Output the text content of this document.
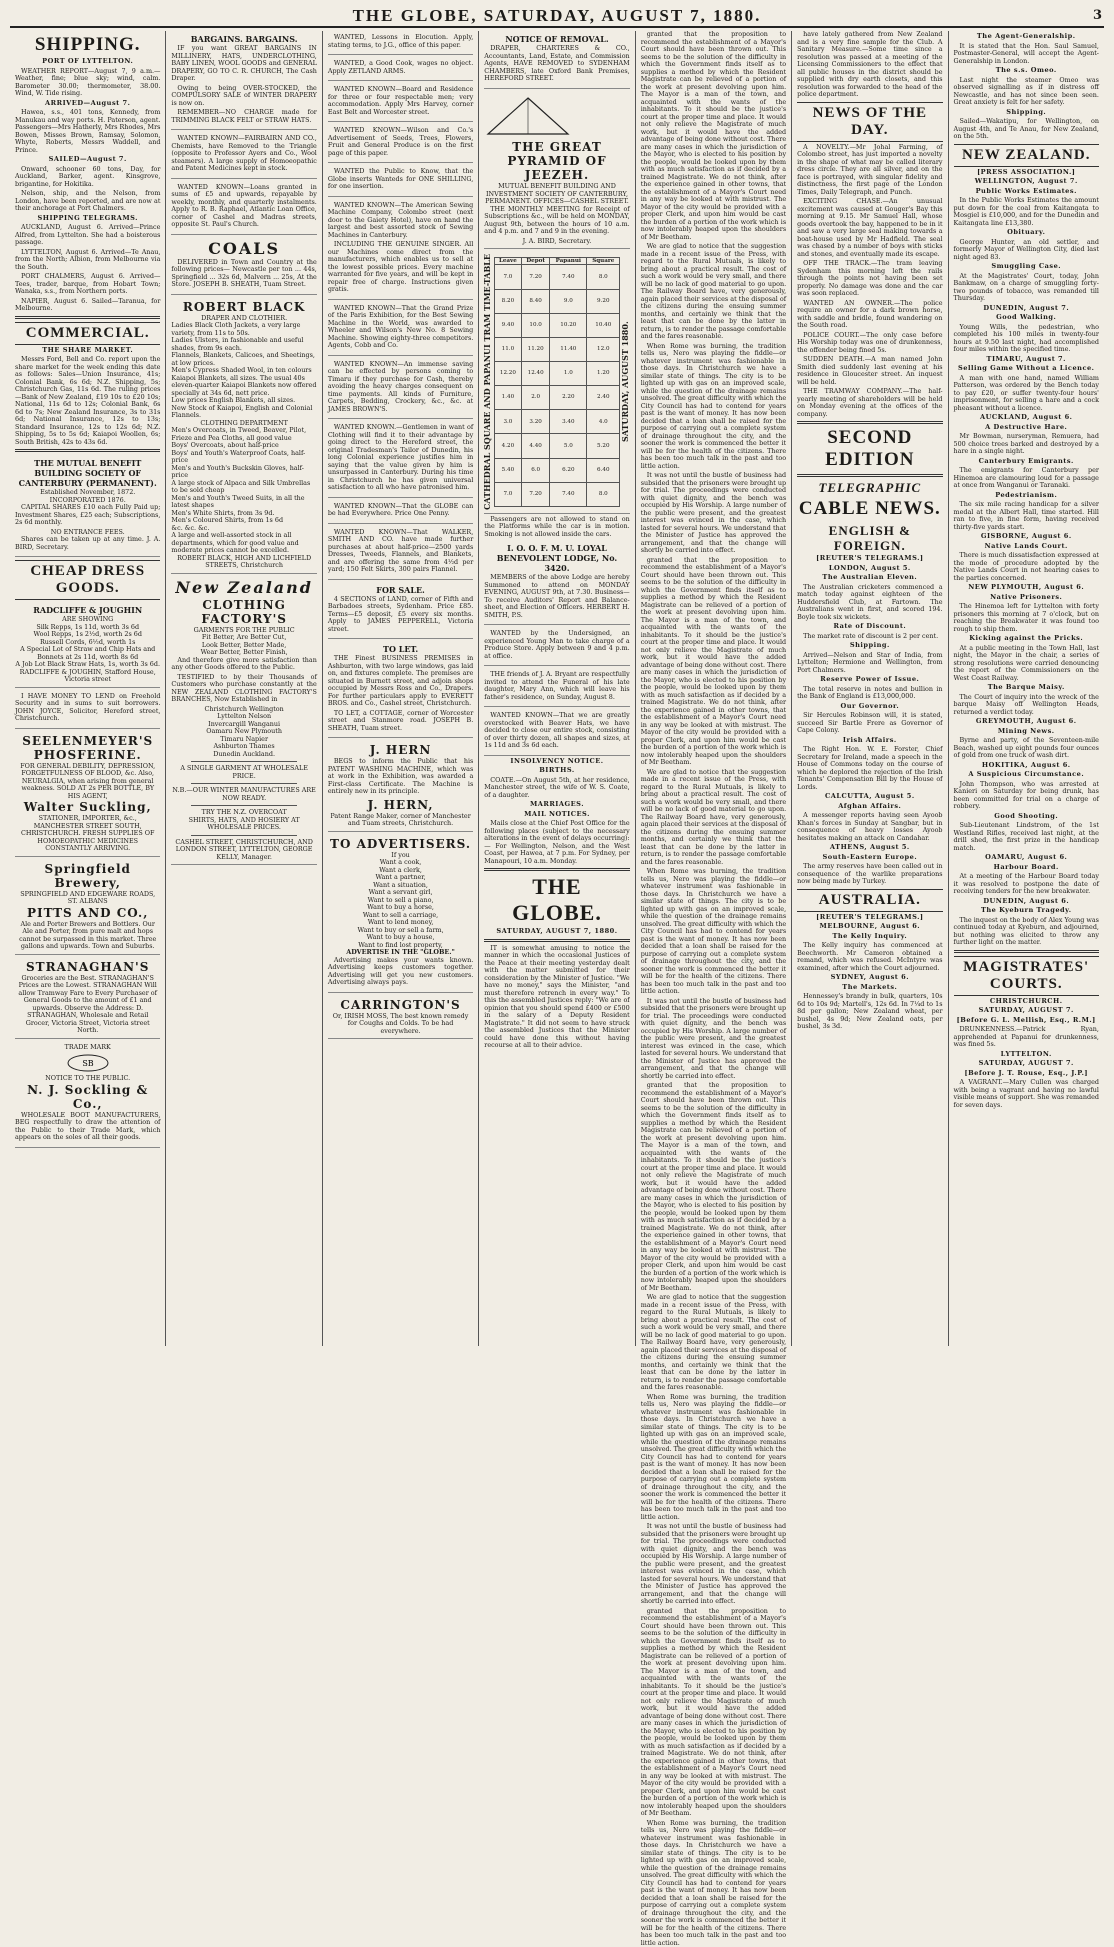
THE GLOBE, SATURDAY, AUGUST 7, 1880.	3
SHIPPING.
PORT OF LYTTELTON.
WEATHER REPORT—August 7, 9 a.m.—Weather, fine; blue sky; wind, calm. Barometer 30.00; thermometer, 38.00. Wind, W. Tide rising.
ARRIVED—August 7.
Hawea, s.s., 401 tons, Kennedy, from Manukau and way ports. H. Paterson, agent. Passengers—Mrs Hatherly, Mrs Rhodes, Mrs Bowen, Misses Brown, Ramsay, Solomon, Whyte, Roberts, Messrs Waddell, and Prince.
SAILED—August 7.
Onward, schooner 60 tons, Day, for Auckland, Barker, agent. Kinsgrove, brigantine, for Hokitika.
Nelson, ship, and the Nelson, from London, have been reported, and are now at their anchorage at Port Chalmers.
SHIPPING TELEGRAMS.
AUCKLAND, August 6. Arrived—Prince Alfred, from Lyttelton. She had a boisterous passage.
LYTTELTON, August 6. Arrived—Te Anau, from the North; Albion, from Melbourne via the South.
PORT CHALMERS, August 6. Arrived—Tees, trader, barque, from Hobart Town; Wanaka, s.s., from Northern ports.
NAPIER, August 6. Sailed—Taranua, for Melbourne.
COMMERCIAL.
THE SHARE MARKET.
Messrs Ford, Bell and Co. report upon the share market for the week ending this date as follows: Sales—Union Insurance, 41s; Colonial Bank, 6s 6d; N.Z. Shipping, 5s; Christchurch Gas, 11s 6d. The ruling prices—Bank of New Zealand, £19 10s to £20 10s; National, 11s 6d to 12s; Colonial Bank, 6s 6d to 7s; New Zealand Insurance, 3s to 31s 6d; National Insurance, 12s to 13s; Standard Insurance, 12s to 12s 6d; N.Z. Shipping, 5s to 5s 6d; Kaiapoi Woollen, 6s; South British, 42s to 43s 6d.
THE MUTUAL BENEFIT BUILDING SOCIETY OF CANTERBURY (PERMANENT).
Established November, 1872.
INCORPORATED 1876.
CAPITAL SHARES £10 each Fully Paid up; Investment Shares, £25 each; Subscriptions, 2s 6d monthly.
NO ENTRANCE FEES.
Shares can be taken up at any time. J. A. BIRD, Secretary.
CHEAP DRESS GOODS.
RADCLIFFE & JOUGHIN
ARE SHOWING
Silk Repps, 1s 11d, worth 3s 6d
Wool Repps, 1s 2½d, worth 2s 6d
Russell Cords, 6½d, worth 1s
A Special Lot of Straw and Chip Hats and
Bonnets at 2s 11d, worth 8s 6d
A Job Lot Black Straw Hats, 1s, worth 3s 6d.
RADCLIFFE & JOUGHIN, Stafford House, Victoria street
I HAVE MONEY TO LEND on Freehold Security and in sums to suit borrowers. JOHN JOYCE, Solicitor, Hereford street, Christchurch.
SEELENMEYER'S PHOSFERINE.
FOR GENERAL DEBILITY, DEPRESSION, FORGETFULNESS OF BLOOD, &c. Also, NEURALGIA, when arising from general weakness. SOLD AT 2s PER BOTTLE, BY HIS AGENT,
Walter Suckling,
STATIONER, IMPORTER, &c., MANCHESTER STREET SOUTH, CHRISTCHURCH. FRESH SUPPLIES OF HOMOEOPATHIC MEDICINES CONSTANTLY ARRIVING.
Springfield Brewery,
SPRINGFIELD AND EDGEWARE ROADS, ST. ALBANS
PITTS AND CO.,
Ale and Porter Brewers and Bottlers. Our Ale and Porter, from pure malt and hops cannot be surpassed in this market. Three gallons and upwards. Town and Suburbs.
STRANAGHAN'S
Groceries are the Best. STRANAGHAN'S Prices are the Lowest. STRANAGHAN Will allow Tramway Fare to Every Purchaser of General Goods to the amount of £1 and upwards. Observe the Address: D. STRANAGHAN, Wholesale and Retail Grocer, Victoria Street, Victoria street North.
TRADE MARK
SB
NOTICE TO THE PUBLIC.
N. J. Sockling & Co.,
WHOLESALE BOOT MANUFACTURERS, BEG respectfully to draw the attention of the Public to their Trade Mark, which appears on the soles of all their goods.
BARGAINS. BARGAINS.
IF you want GREAT BARGAINS IN MILLINERY, HATS, UNDERCLOTHING, BABY LINEN, WOOL GOODS and GENERAL DRAPERY, GO TO C. R. CHURCH, The Cash Draper.
Owing to being OVER-STOCKED, the COMPULSORY SALE of WINTER DRAPERY is now on.
REMEMBER—NO CHARGE made for TRIMMING BLACK FELT or STRAW HATS.
WANTED KNOWN—FAIRBAIRN AND CO., Chemists, have Removed to the Triangle (opposite to Professor Ayers and Co., Wool steamers). A large supply of Homoeopathic and Patent Medicines kept in stock.
WANTED KNOWN—Loans granted in sums of £5 and upwards, repayable by weekly, monthly, and quarterly instalments. Apply to R. B. Raphael, Atlantic Loan Office, corner of Cashel and Madras streets, opposite St. Paul's Church.
COALS
DELIVERED in Town and Country at the following prices— Newcastle per ton ... 44s, Springfield ... 32s 6d, Malvern ... 25s, At the Store. JOSEPH B. SHEATH, Tuam Street.
ROBERT BLACK
DRAPER AND CLOTHIER.
Ladies Black Cloth Jackets, a very large variety, from 11s to 50s.
Ladies Ulsters, in fashionable and useful shades, from 9s each.
Flannels, Blankets, Calicoes, and Sheetings, at low prices.
Men's Cypress Shaded Wool, in ten colours
Kaiapoi Blankets, all sizes. The usual 40s eleven-quarter Kaiapoi Blankets now offered specially at 34s 6d, nett price.
Low prices English Blankets, all sizes.
New Stock of Kaiapoi, English and Colonial Flannels.
CLOTHING DEPARTMENT
Men's Overcoats, in Tweed, Beaver, Pilot, Frieze and Pea Cloths, all good value
Boys' Overcoats, about half-price
Boys' and Youth's Waterproof Coats, half-price
Men's and Youth's Buckskin Gloves, half-price
A large stock of Alpaca and Silk Umbrellas to be sold cheap
Men's and Youth's Tweed Suits, in all the latest shapes
Men's White Shirts, from 3s 9d.
Men's Coloured Shirts, from 1s 6d
&c. &c. &c.
A large and well-assorted stock in all departments, which for good value and moderate prices cannot be excelled.
ROBERT BLACK, HIGH AND LICHFIELD STREETS, Christchurch
New Zealand
CLOTHING FACTORY'S
GARMENTS FOR THE PUBLIC
Fit Better, Are Better Cut,
Look Better, Better Made,
Wear Better, Better Finish,
And therefore give more satisfaction than any other Goods offered to the Public.
TESTIFIED to by their Thousands of Customers who purchase constantly at the NEW ZEALAND CLOTHING FACTORY'S BRANCHES, Now Established in
Christchurch Wellington
Lyttelton Nelson
Invercargill Wanganui
Oamaru New Plymouth
Timaru Napier
Ashburton Thames
Dunedin Auckland.
A SINGLE GARMENT AT WHOLESALE PRICE.
N.B.—OUR WINTER MANUFACTURES ARE NOW READY.
TRY THE N.Z. OVERCOAT
SHIRTS, HATS, AND HOSIERY AT WHOLESALE PRICES.
CASHEL STREET, CHRISTCHURCH, AND LONDON STREET, LYTTELTON, GEORGE KELLY, Manager.
WANTED, Lessons in Elocution. Apply, stating terms, to J.G., office of this paper.
WANTED, a Good Cook, wages no object. Apply ZETLAND ARMS.
WANTED KNOWN—Board and Residence for three or four respectable men; very accommodation. Apply Mrs Harvey, corner East Belt and Worcester street.
WANTED KNOWN—Wilson and Co.'s Advertisement of Seeds, Trees, Flowers, Fruit and General Produce is on the first page of this paper.
WANTED the Public to Know, that the Globe inserts Wanteds for ONE SHILLING, for one insertion.
WANTED KNOWN—The American Sewing Machine Company, Colombo street (next door to the Gaiety Hotel), have on hand the largest and best assorted stock of Sewing Machines in Canterbury.
INCLUDING THE GENUINE SINGER. All our Machines come direct from the manufacturers, which enables us to sell at the lowest possible prices. Every machine warranted for five years, and will be kept in repair free of charge. Instructions given gratis.
WANTED KNOWN—That the Grand Prize of the Paris Exhibition, for the Best Sewing Machine in the World, was awarded to Wheeler and Wilson's New No. 8 Sewing Machine. Showing eighty-three competitors. Agents, Cobb and Co.
WANTED KNOWN—An immense saving can be effected by persons coming to Timaru if they purchase for Cash, thereby avoiding the heavy charges consequent on time payments. All kinds of Furniture, Carpets, Bedding, Crockery, &c., &c. at JAMES BROWN'S.
WANTED KNOWN.—Gentlemen in want of Clothing will find it to their advantage by going direct to the Hereford street, the original Tradesman's Tailor of Dunedin, his long Colonial experience justifies him in saying that the value given by him is unsurpassed in Canterbury. During his time in Christchurch he has given universal satisfaction to all who have patronised him.
WANTED KNOWN—That the GLOBE can be had Everywhere. Price One Penny.
WANTED KNOWN—That WALKER, SMITH AND CO. have made further purchases at about half-price—2500 yards Dresses, Tweeds, Flannels, and Blankets, and are offering the same from 4½d per yard; 150 Felt Skirts, 300 pairs Flannel.
FOR SALE.
4 SECTIONS of LAND, corner of Fifth and Barbadoes streets, Sydenham. Price £85. Terms—£5 deposit, £5 every six months. Apply to JAMES PEPPERELL, Victoria street.
TO LET.
THE Finest BUSINESS PREMISES in Ashburton, with two large windows, gas laid on, and fixtures complete. The premises are situated in Burnett street, and adjoin shops occupied by Messrs Ross and Co., Drapers. For further particulars apply to EVERETT BROS. and Co., Cashel street, Christchurch.
TO LET, a COTTAGE, corner of Worcester street and Stanmore road. JOSEPH B. SHEATH, Tuam street.
J. HERN
BEGS to inform the Public that his PATENT WASHING MACHINE, which was at work in the Exhibition, was awarded a First-class Certificate. The Machine is entirely new in its principle.
J. HERN,
Patent Range Maker, corner of Manchester and Tuam streets, Christchurch.
TO ADVERTISERS.
If you
Want a cook,
Want a clerk,
Want a partner,
Want a situation,
Want a servant girl,
Want to sell a piano,
Want to buy a horse,
Want to sell a carriage,
Want to lend money,
Want to buy or sell a farm,
Want to buy a house,
Want to find lost property,
ADVERTISE IN THE "GLOBE."
Advertising makes your wants known. Advertising keeps customers together. Advertising will get you new customers. Advertising always pays.
CARRINGTON'S
Or, IRISH MOSS, The best known remedy for Coughs and Colds. To be had everywhere.
NOTICE OF REMOVAL.
DRAPER, CHARTERES & CO., Accountants, Land, Estate, and Commission Agents, HAVE REMOVED to SYDENHAM CHAMBERS, late Oxford Bank Premises, HEREFORD STREET.
THE GREAT PYRAMID OF JEEZEH.
MUTUAL BENEFIT BUILDING AND INVESTMENT SOCIETY OF CANTERBURY, PERMANENT. OFFICES—CASHEL STREET.
THE MONTHLY MEETING for Receipt of Subscriptions &c., will be held on MONDAY, August 9th, between the hours of 10 a.m. and 4 p.m. and 7 and 9 in the evening.
J. A. BIRD, Secretary.
CATHEDRAL SQUARE AND PAPANUI TRAM TIME-TABLE Leave	Depot	Papanui	Square
7.0	7.20	7.40	8.0
8.20	8.40	9.0	9.20
9.40	10.0	10.20	10.40
11.0	11.20	11.40	12.0
12.20	12.40	1.0	1.20
1.40	2.0	2.20	2.40
3.0	3.20	3.40	4.0
4.20	4.40	5.0	5.20
5.40	6.0	6.20	6.40
7.0	7.20	7.40	8.0
SATURDAY, AUGUST 1880.
Passengers are not allowed to stand on the Platforms while the car is in motion. Smoking is not allowed inside the cars.
I. O. O. F. M. U. LOYAL BENEVOLENT LODGE, No. 3420.
MEMBERS of the above Lodge are hereby Summoned to attend on MONDAY EVENING, AUGUST 9th, at 7.30. Business—To receive Auditors' Report and Balance-sheet, and Election of Officers. HERBERT H. SMITH, P.S.
WANTED by the Undersigned, an experienced Young Man to take charge of a Produce Store. Apply between 9 and 4 p.m. at office.
THE friends of J. A. Bryant are respectfully invited to attend the Funeral of his late daughter, Mary Ann, which will leave his father's residence, on Sunday, August 8.
WANTED KNOWN—That we are greatly overstocked with Beaver Hats, we have decided to close our entire stock, consisting of over thirty dozen, all shapes and sizes, at 1s 11d and 3s 6d each.
INSOLVENCY NOTICE.
BIRTHS.
COATE.—On August 5th, at her residence, Manchester street, the wife of W. S. Coate, of a daughter.
MARRIAGES.
MAIL NOTICES.
Mails close at the Chief Post Office for the following places (subject to the necessary alterations in the event of delays occurring):— For Wellington, Nelson, and the West Coast, per Hawea, at 7 p.m. For Sydney, per Manapouri, 10 a.m. Monday.
THE GLOBE.
SATURDAY, AUGUST 7, 1880.
IT is somewhat amusing to notice the manner in which the occasional Justices of the Peace at their meeting yesterday dealt with the matter submitted for their consideration by the Minister of Justice. "We have no money," says the Minister, "and must therefore retrench in every way." To this the assembled Justices reply: "We are of opinion that you should spend £400 or £500 in the salary of a Deputy Resident Magistrate." It did not seem to have struck the assembled Justices that the Minister could have done this without having recourse at all to their advice.
granted that the proposition to recommend the establishment of a Mayor's Court should have been thrown out. This seems to be the solution of the difficulty in which the Government finds itself as to supplies a method by which the Resident Magistrate can be relieved of a portion of the work at present devolving upon him. The Mayor is a man of the town, and acquainted with the wants of the inhabitants. To it should be the justice's court at the proper time and place. It would not only relieve the Magistrate of much work, but it would have the added advantage of being done without cost. There are many cases in which the jurisdiction of the Mayor, who is elected to his position by the people, would be looked upon by them with as much satisfaction as if decided by a trained Magistrate. We do not think, after the experience gained in other towns, that the establishment of a Mayor's Court need in any way be looked at with mistrust. The Mayor of the city would be provided with a proper Clerk, and upon him would be cast the burden of a portion of the work which is now intolerably heaped upon the shoulders of Mr Beetham.
We are glad to notice that the suggestion made in a recent issue of the Press, with regard to the Rural Mutuals, is likely to bring about a practical result. The cost of such a work would be very small, and there will be no lack of good material to go upon. The Railway Board have, very generously, again placed their services at the disposal of the citizens during the ensuing summer months, and certainly we think that the least that can be done by the latter in return, is to render the passage comfortable and the fares reasonable.
When Rome was burning, the tradition tells us, Nero was playing the fiddle—or whatever instrument was fashionable in those days. In Christchurch we have a similar state of things. The city is to be lighted up with gas on an improved scale, while the question of the drainage remains unsolved. The great difficulty with which the City Council has had to contend for years past is the want of money. It has now been decided that a loan shall be raised for the purpose of carrying out a complete system of drainage throughout the city, and the sooner the work is commenced the better it will be for the health of the citizens. There has been too much talk in the past and too little action.
It was not until the bustle of business had subsided that the prisoners were brought up for trial. The proceedings were conducted with quiet dignity, and the bench was occupied by His Worship. A large number of the public were present, and the greatest interest was evinced in the case, which lasted for several hours. We understand that the Minister of Justice has approved the arrangement, and that the change will shortly be carried into effect.
granted that the proposition to recommend the establishment of a Mayor's Court should have been thrown out. This seems to be the solution of the difficulty in which the Government finds itself as to supplies a method by which the Resident Magistrate can be relieved of a portion of the work at present devolving upon him. The Mayor is a man of the town, and acquainted with the wants of the inhabitants. To it should be the justice's court at the proper time and place. It would not only relieve the Magistrate of much work, but it would have the added advantage of being done without cost. There are many cases in which the jurisdiction of the Mayor, who is elected to his position by the people, would be looked upon by them with as much satisfaction as if decided by a trained Magistrate. We do not think, after the experience gained in other towns, that the establishment of a Mayor's Court need in any way be looked at with mistrust. The Mayor of the city would be provided with a proper Clerk, and upon him would be cast the burden of a portion of the work which is now intolerably heaped upon the shoulders of Mr Beetham.
We are glad to notice that the suggestion made in a recent issue of the Press, with regard to the Rural Mutuals, is likely to bring about a practical result. The cost of such a work would be very small, and there will be no lack of good material to go upon. The Railway Board have, very generously, again placed their services at the disposal of the citizens during the ensuing summer months, and certainly we think that the least that can be done by the latter in return, is to render the passage comfortable and the fares reasonable.
When Rome was burning, the tradition tells us, Nero was playing the fiddle—or whatever instrument was fashionable in those days. In Christchurch we have a similar state of things. The city is to be lighted up with gas on an improved scale, while the question of the drainage remains unsolved. The great difficulty with which the City Council has had to contend for years past is the want of money. It has now been decided that a loan shall be raised for the purpose of carrying out a complete system of drainage throughout the city, and the sooner the work is commenced the better it will be for the health of the citizens. There has been too much talk in the past and too little action.
It was not until the bustle of business had subsided that the prisoners were brought up for trial. The proceedings were conducted with quiet dignity, and the bench was occupied by His Worship. A large number of the public were present, and the greatest interest was evinced in the case, which lasted for several hours. We understand that the Minister of Justice has approved the arrangement, and that the change will shortly be carried into effect.
granted that the proposition to recommend the establishment of a Mayor's Court should have been thrown out. This seems to be the solution of the difficulty in which the Government finds itself as to supplies a method by which the Resident Magistrate can be relieved of a portion of the work at present devolving upon him. The Mayor is a man of the town, and acquainted with the wants of the inhabitants. To it should be the justice's court at the proper time and place. It would not only relieve the Magistrate of much work, but it would have the added advantage of being done without cost. There are many cases in which the jurisdiction of the Mayor, who is elected to his position by the people, would be looked upon by them with as much satisfaction as if decided by a trained Magistrate. We do not think, after the experience gained in other towns, that the establishment of a Mayor's Court need in any way be looked at with mistrust. The Mayor of the city would be provided with a proper Clerk, and upon him would be cast the burden of a portion of the work which is now intolerably heaped upon the shoulders of Mr Beetham.
We are glad to notice that the suggestion made in a recent issue of the Press, with regard to the Rural Mutuals, is likely to bring about a practical result. The cost of such a work would be very small, and there will be no lack of good material to go upon. The Railway Board have, very generously, again placed their services at the disposal of the citizens during the ensuing summer months, and certainly we think that the least that can be done by the latter in return, is to render the passage comfortable and the fares reasonable.
When Rome was burning, the tradition tells us, Nero was playing the fiddle—or whatever instrument was fashionable in those days. In Christchurch we have a similar state of things. The city is to be lighted up with gas on an improved scale, while the question of the drainage remains unsolved. The great difficulty with which the City Council has had to contend for years past is the want of money. It has now been decided that a loan shall be raised for the purpose of carrying out a complete system of drainage throughout the city, and the sooner the work is commenced the better it will be for the health of the citizens. There has been too much talk in the past and too little action.
It was not until the bustle of business had subsided that the prisoners were brought up for trial. The proceedings were conducted with quiet dignity, and the bench was occupied by His Worship. A large number of the public were present, and the greatest interest was evinced in the case, which lasted for several hours. We understand that the Minister of Justice has approved the arrangement, and that the change will shortly be carried into effect.
granted that the proposition to recommend the establishment of a Mayor's Court should have been thrown out. This seems to be the solution of the difficulty in which the Government finds itself as to supplies a method by which the Resident Magistrate can be relieved of a portion of the work at present devolving upon him. The Mayor is a man of the town, and acquainted with the wants of the inhabitants. To it should be the justice's court at the proper time and place. It would not only relieve the Magistrate of much work, but it would have the added advantage of being done without cost. There are many cases in which the jurisdiction of the Mayor, who is elected to his position by the people, would be looked upon by them with as much satisfaction as if decided by a trained Magistrate. We do not think, after the experience gained in other towns, that the establishment of a Mayor's Court need in any way be looked at with mistrust. The Mayor of the city would be provided with a proper Clerk, and upon him would be cast the burden of a portion of the work which is now intolerably heaped upon the shoulders of Mr Beetham.
When Rome was burning, the tradition tells us, Nero was playing the fiddle—or whatever instrument was fashionable in those days. In Christchurch we have a similar state of things. The city is to be lighted up with gas on an improved scale, while the question of the drainage remains unsolved. The great difficulty with which the City Council has had to contend for years past is the want of money. It has now been decided that a loan shall be raised for the purpose of carrying out a complete system of drainage throughout the city, and the sooner the work is commenced the better it will be for the health of the citizens. There has been too much talk in the past and too little action.
have lately gathered from New Zealand and is a very fine sample for the Club. A Sanitary Measure.—Some time since a resolution was passed at a meeting of the Licensing Commissioners to the effect that all public houses in the district should be supplied with dry earth closets, and this resolution was forwarded to the head of the police department.
NEWS OF THE DAY.
A NOVELTY.—Mr Johal Farming, of Colombo street, has just imported a novelty in the shape of what may be called literary dress circle. They are all silver, and on the face is portrayed, with singular fidelity and distinctness, the first page of the London Times, Daily Telegraph, and Punch.
EXCITING CHASE.—An unusual excitement was caused at Gouger's Bay this morning at 9.15. Mr Samuel Hall, whose goods overtook the bay, happened to be in it and saw a very large seal making towards a boat-house used by Mr Hadfield. The seal was chased by a number of boys with sticks and stones, and eventually made its escape.
OFF THE TRACK.—The tram leaving Sydenham this morning left the rails through the points not having been set properly. No damage was done and the car was soon replaced.
WANTED AN OWNER.—The police require an owner for a dark brown horse, with saddle and bridle, found wandering on the South road.
POLICE COURT.—The only case before His Worship today was one of drunkenness, the offender being fined 5s.
SUDDEN DEATH.—A man named John Smith died suddenly last evening at his residence in Gloucester street. An inquest will be held.
THE TRAMWAY COMPANY.—The half-yearly meeting of shareholders will be held on Monday evening at the offices of the company.
SECOND EDITION
TELEGRAPHIC
CABLE NEWS.
ENGLISH & FOREIGN.
[REUTER'S TELEGRAMS.]
LONDON, August 5.
The Australian Eleven.
The Australian cricketers commenced a match today against eighteen of the Huddersfield Club, at Fartown. The Australians went in first, and scored 194. Boyle took six wickets.
Rate of Discount.
The market rate of discount is 2 per cent.
Shipping.
Arrived—Nelson and Star of India, from Lyttelton; Hermione and Wellington, from Port Chalmers.
Reserve Power of Issue.
The total reserve in notes and bullion in the Bank of England is £13,000,000.
Our Governor.
Sir Hercules Robinson will, it is stated, succeed Sir Bartle Frere as Governor of Cape Colony.
Irish Affairs.
The Right Hon. W. E. Forster, Chief Secretary for Ireland, made a speech in the House of Commons today on the course of which he deplored the rejection of the Irish Tenants' Compensation Bill by the House of Lords.
CALCUTTA, August 5.
Afghan Affairs.
A messenger reports having seen Ayoob Khan's forces in Sunday at Sangbar, but in consequence of heavy losses Ayoob hesitates making an attack on Candahar.
ATHENS, August 5.
South-Eastern Europe.
The army reserves have been called out in consequence of the warlike preparations now being made by Turkey.
AUSTRALIA.
[REUTER'S TELEGRAMS.]
MELBOURNE, August 6.
The Kelly Inquiry.
The Kelly inquiry has commenced at Beechworth. Mr Cameron obtained a remand, which was refused. McIntyre was examined, after which the Court adjourned.
SYDNEY, August 6.
The Markets.
Hennessey's brandy in bulk, quarters, 10s 6d to 10s 9d; Martell's, 12s 6d. In 7¼d to 1s 8d per gallon; New Zealand wheat, per bushel, 4s 9d; New Zealand oats, per bushel, 3s 3d.
The Agent-Generalship.
It is stated that the Hon. Saul Samuel, Postmaster-General, will accept the Agent-Generalship in London.
The s.s. Omeo.
Last night the steamer Omeo was observed signalling as if in distress off Newcastle, and has not since been seen. Great anxiety is felt for her safety.
Shipping.
Sailed—Wakatipu, for Wellington, on August 4th, and Te Anau, for New Zealand, on the 5th.
NEW ZEALAND.
[PRESS ASSOCIATION.]
WELLINGTON, August 7.
Public Works Estimates.
In the Public Works Estimates the amount put down for the coal from Kaitangata to Mosgiel is £10,000, and for the Dunedin and Kaitangata line £13,380.
Obituary.
George Hunter, an old settler, and formerly Mayor of Wellington City, died last night aged 83.
Smuggling Case.
At the Magistrates' Court, today, John Bankmaw, on a charge of smuggling forty-two pounds of tobacco, was remanded till Thursday.
DUNEDIN, August 7.
Good Walking.
Young Wills, the pedestrian, who completed his 100 miles in twenty-four hours at 9.50 last night, had accomplished four miles within the specified time.
TIMARU, August 7.
Selling Game Without a Licence.
A man with one hand, named William Patterson, was ordered by the Bench today to pay £20, or suffer twenty-four hours' imprisonment, for selling a hare and a cock pheasant without a licence.
AUCKLAND, August 6.
A Destructive Hare.
Mr Bowman, nurseryman, Remuera, had 500 choice trees barked and destroyed by a hare in a single night.
Canterbury Emigrants.
The emigrants for Canterbury per Hinemoa are clamouring loud for a passage at once from Wanganui or Taranaki.
Pedestrianism.
The six mile racing handicap for a silver medal at the Albert Hall, time started. Hill ran to five, in fine form, having received thirty-five yards start.
GISBORNE, August 6.
Native Lands Court.
There is much dissatisfaction expressed at the mode of procedure adopted by the Native Lands Court in not hearing cases to the parties concerned.
NEW PLYMOUTH, August 6.
Native Prisoners.
The Hinemoa left for Lyttelton with forty prisoners this morning at 7 o'clock, but on reaching the Breakwater it was found too rough to ship them.
Kicking against the Pricks.
At a public meeting in the Town Hall, last night, the Mayor in the chair, a series of strong resolutions were carried denouncing the report of the Commissioners on the West Coast Railway.
The Barque Maisy.
The Court of inquiry into the wreck of the barque Maisy off Wellington Heads, returned a verdict today.
GREYMOUTH, August 6.
Mining News.
Byrne and party, of the Seventeen-mile Beach, washed up eight pounds four ounces of gold from one truck of wash dirt.
HOKITIKA, August 6.
A Suspicious Circumstance.
John Thompson, who was arrested at Kanieri on Saturday for being drunk, has been committed for trial on a charge of robbery.
Good Shooting.
Sub-Lieutenant Lindstrom, of the 1st Westland Rifles, received last night, at the drill shed, the first prize in the handicap match.
OAMARU, August 6.
Harbour Board.
At a meeting of the Harbour Board today it was resolved to postpone the date of receiving tenders for the new breakwater.
DUNEDIN, August 6.
The Kyeburn Tragedy.
The inquest on the body of Alex Young was continued today at Kyeburn, and adjourned, but nothing was elicited to throw any further light on the matter.
MAGISTRATES' COURTS.
CHRISTCHURCH.
SATURDAY, AUGUST 7.
[Before G. L. Mellish, Esq., R.M.]
DRUNKENNESS.—Patrick Ryan, apprehended at Papanui for drunkenness, was fined 5s.
LYTTELTON.
SATURDAY, AUGUST 7.
[Before J. T. Rouse, Esq., J.P.]
A VAGRANT.—Mary Cullen was charged with being a vagrant and having no lawful visible means of support. She was remanded for seven days.
